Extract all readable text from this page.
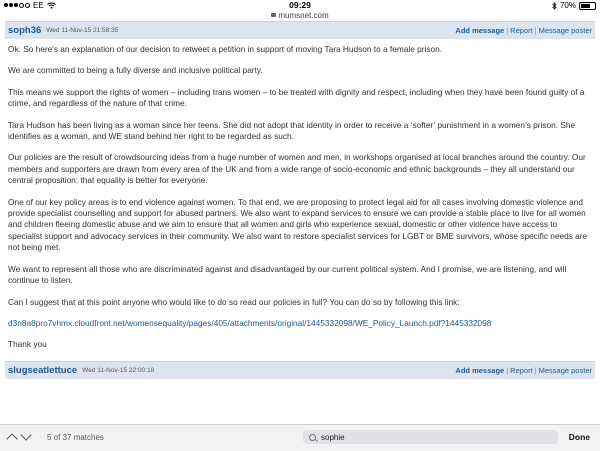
EE	09:29	70%
mumsnet.com
soph36 Wed 11-Nov-15 21:58:35	Add message | Report | Message poster

Ok. So here's an explanation of our decision to retweet a petition in support of moving Tara Hudson to a female prison.

We are committed to being a fully diverse and inclusive political party.

This means we support the rights of women – including trans women – to be treated with dignity and respect, including when they have been found guilty of a crime, and regardless of the nature of that crime.

Tara Hudson has been living as a woman since her teens. She did not adopt that identity in order to receive a ‘softer’ punishment in a women’s prison. She identifies as a woman, and WE stand behind her right to be regarded as such.

Our policies are the result of crowdsourcing ideas from a huge number of women and men, in workshops organised at local branches around the country. Our members and supporters are drawn from every area of the UK and from a wide range of socio-economic and ethnic backgrounds – they all understand our central proposition: that equality is better for everyone.

One of our key policy areas is to end violence against women. To that end, we are proposing to protect legal aid for all cases involving domestic violence and provide specialist counselling and support for abused partners. We also want to expand services to ensure we can provide a stable place to live for all women and children fleeing domestic abuse and we aim to ensure that all women and girls who experience sexual, domestic or other violence have access to specialist support and advocacy services in their community. We also want to restore specialist services for LGBT or BME survivors, whose specific needs are not being met.

We want to represent all those who are discriminated against and disadvantaged by our current political system. And I promise, we are listening, and will continue to listen.

Can I suggest that at this point anyone who would like to do so read our policies in full? You can do so by following this link:

d3n8a8pro7vhmx.cloudfront.net/womensequality/pages/405/attachments/original/1445332098/WE_Policy_Launch.pdf?1445332098

Thank you

slugseatlettuce Wed 11-Nov-15 22:00:18	Add message | Report | Message poster
5 of 37 matches
sophie	Done
